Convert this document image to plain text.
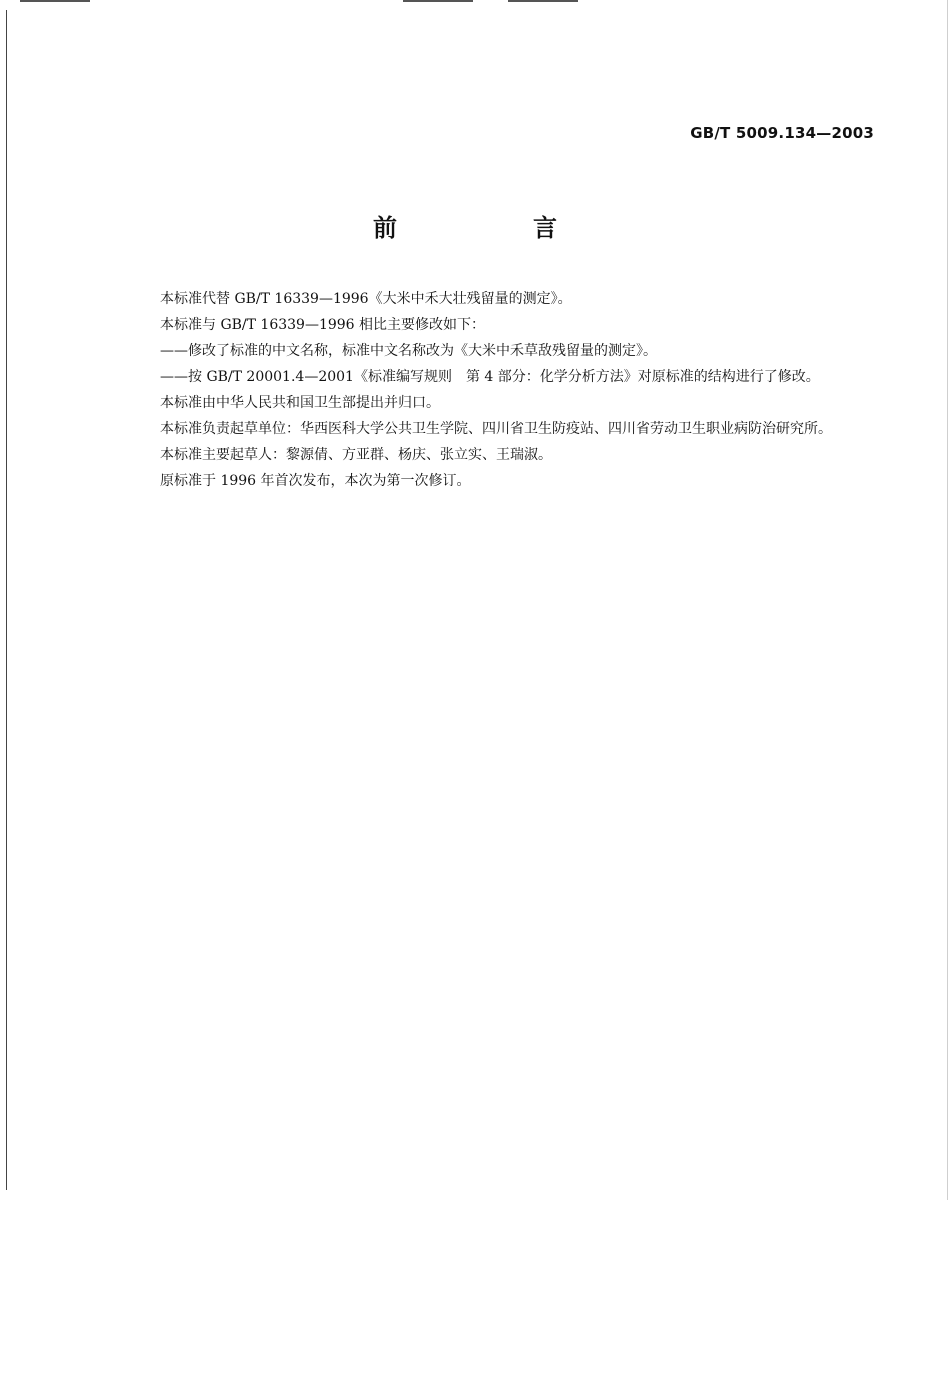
GB/T 5009.134—2003
前　言

本标准代替 GB/T 16339—1996《大米中禾大壮残留量的测定》。

本标准与 GB/T 16339—1996 相比主要修改如下：

——修改了标准的中文名称，标准中文名称改为《大米中禾草敌残留量的测定》。

——按 GB/T 20001.4—2001《标准编写规则　第 4 部分：化学分析方法》对原标准的结构进行了修改。

本标准由中华人民共和国卫生部提出并归口。

本标准负责起草单位：华西医科大学公共卫生学院、四川省卫生防疫站、四川省劳动卫生职业病防治研究所。

本标准主要起草人：黎源倩、方亚群、杨庆、张立实、王瑞淑。

原标准于 1996 年首次发布，本次为第一次修订。
